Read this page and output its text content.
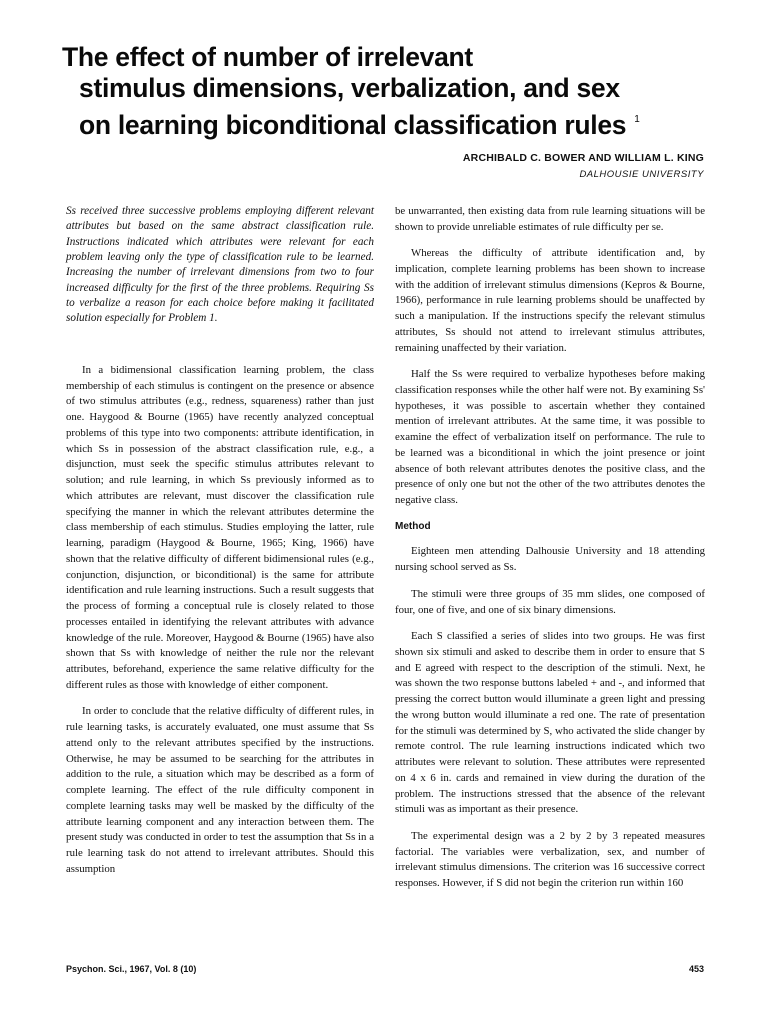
The effect of number of irrelevant
stimulus dimensions, verbalization, and sex
on learning biconditional classification rules $^1$
ARCHIBALD C. BOWER AND WILLIAM L. KING
DALHOUSIE UNIVERSITY

Ss received three successive problems employing different relevant attributes but based on the same abstract classification rule. Instructions indicated which attributes were relevant for each problem leaving only the type of classification rule to be learned. Increasing the number of irrelevant dimensions from two to four increased difficulty for the first of the three problems. Requiring Ss to verbalize a reason for each choice before making it facilitated solution especially for Problem 1.

In a bidimensional classification learning problem, the class membership of each stimulus is contingent on the presence or absence of two stimulus attributes (e.g., redness, squareness) rather than just one. Haygood & Bourne (1965) have recently analyzed conceptual problems of this type into two components: attribute identification, in which Ss in possession of the abstract classification rule, e.g., a disjunction, must seek the specific stimulus attributes relevant to solution; and rule learning, in which Ss previously informed as to which attributes are relevant, must discover the classification rule specifying the manner in which the relevant attributes determine the class membership of each stimulus. Studies employing the latter, rule learning, paradigm (Haygood & Bourne, 1965; King, 1966) have shown that the relative difficulty of different bidimensional rules (e.g., conjunction, disjunction, or biconditional) is the same for attribute identification and rule learning instructions. Such a result suggests that the process of forming a conceptual rule is closely related to those processes entailed in identifying the relevant attributes with advance knowledge of the rule. Moreover, Haygood & Bourne (1965) have also shown that Ss with knowledge of neither the rule nor the relevant attributes, beforehand, experience the same relative difficulty for the different rules as those with knowledge of either component.

In order to conclude that the relative difficulty of different rules, in rule learning tasks, is accurately evaluated, one must assume that Ss attend only to the relevant attributes specified by the instructions. Otherwise, he may be assumed to be searching for the attributes in addition to the rule, a situation which may be described as a form of complete learning. The effect of the rule difficulty component in complete learning tasks may well be masked by the difficulty of the attribute learning component and any interaction between them. The present study was conducted in order to test the assumption that Ss in a rule learning task do not attend to irrelevant attributes. Should this assumption

be unwarranted, then existing data from rule learning situations will be shown to provide unreliable estimates of rule difficulty per se.

Whereas the difficulty of attribute identification and, by implication, complete learning problems has been shown to increase with the addition of irrelevant stimulus dimensions (Kepros & Bourne, 1966), performance in rule learning problems should be unaffected by such a manipulation. If the instructions specify the relevant stimulus attributes, Ss should not attend to irrelevant stimulus attributes, remaining unaffected by their variation.

Half the Ss were required to verbalize hypotheses before making classification responses while the other half were not. By examining Ss' hypotheses, it was possible to ascertain whether they contained mention of irrelevant attributes. At the same time, it was possible to examine the effect of verbalization itself on performance. The rule to be learned was a biconditional in which the joint presence or joint absence of both relevant attributes denotes the positive class, and the presence of only one but not the other of the two attributes denotes the negative class.

Method

Eighteen men attending Dalhousie University and 18 attending nursing school served as Ss.

The stimuli were three groups of 35 mm slides, one composed of four, one of five, and one of six binary dimensions.

Each S classified a series of slides into two groups. He was first shown six stimuli and asked to describe them in order to ensure that S and E agreed with respect to the description of the stimuli. Next, he was shown the two response buttons labeled + and -, and informed that pressing the correct button would illuminate a green light and pressing the wrong button would illuminate a red one. The rate of presentation for the stimuli was determined by S, who activated the slide changer by remote control. The rule learning instructions indicated which two attributes were relevant to solution. These attributes were represented on 4 x 6 in. cards and remained in view during the duration of the problem. The instructions stressed that the absence of the relevant stimuli was as important as their presence.

The experimental design was a 2 by 2 by 3 repeated measures factorial. The variables were verbalization, sex, and number of irrelevant stimulus dimensions. The criterion was 16 successive correct responses. However, if S did not begin the criterion run within 160

Psychon. Sci., 1967, Vol. 8 (10)	453
